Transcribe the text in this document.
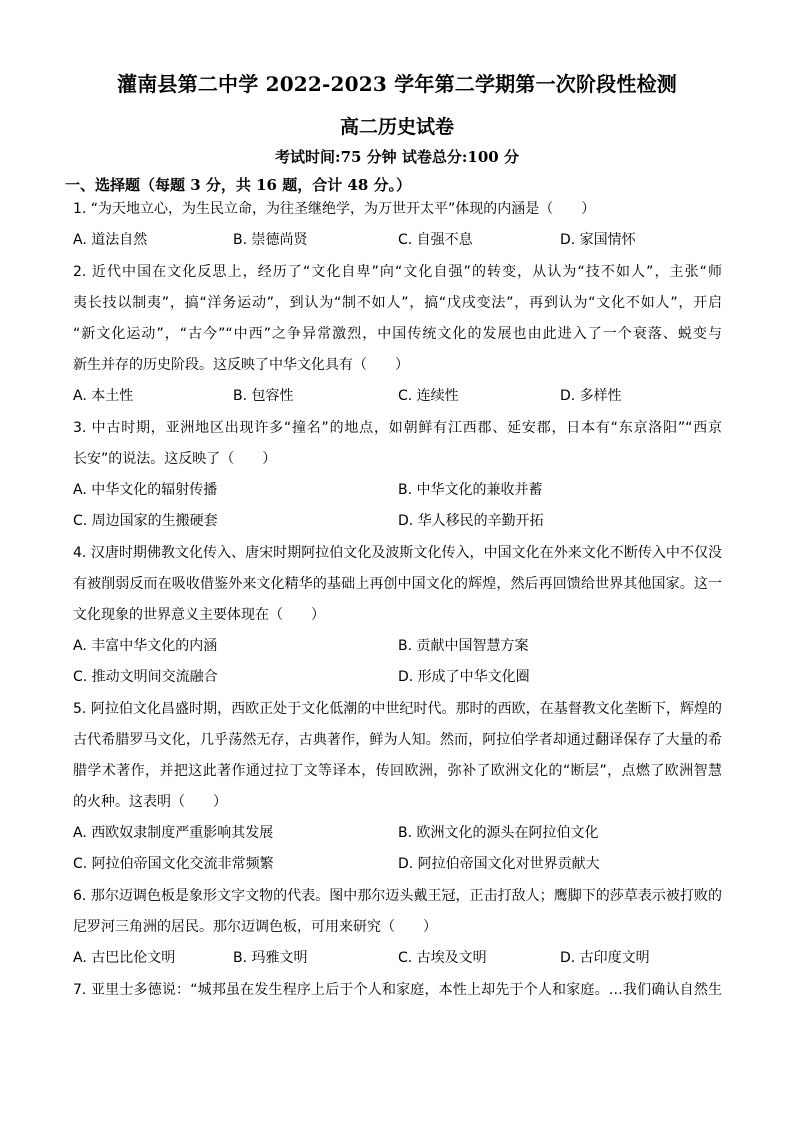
灌南县第二中学 2022-2023 学年第二学期第一次阶段性检测
高二历史试卷
考试时间:75 分钟 试卷总分:100 分
一、选择题（每题 3 分，共 16 题，合计 48 分。）
1. “为天地立心，为生民立命，为往圣继绝学，为万世开太平”体现的内涵是（　　）
A. 道法自然	B. 崇德尚贤	C. 自强不息	D. 家国情怀
2. 近代中国在文化反思上，经历了“文化自卑”向“文化自强”的转变，从认为“技不如人”，主张“师
夷长技以制夷”，搞“洋务运动”，到认为“制不如人”，搞“戊戌变法”，再到认为“文化不如人”，开启
“新文化运动”，“古今”“中西”之争异常激烈，中国传统文化的发展也由此进入了一个衰落、蜕变与
新生并存的历史阶段。这反映了中华文化具有（　　）
A. 本土性	B. 包容性	C. 连续性	D. 多样性
3. 中古时期，亚洲地区出现许多“撞名”的地点，如朝鲜有江西郡、延安郡，日本有“东京洛阳”“西京
长安”的说法。这反映了（　　）
A. 中华文化的辐射传播	B. 中华文化的兼收并蓄
C. 周边国家的生搬硬套	D. 华人移民的辛勤开拓
4. 汉唐时期佛教文化传入、唐宋时期阿拉伯文化及波斯文化传入，中国文化在外来文化不断传入中不仅没
有被削弱反而在吸收借鉴外来文化精华的基础上再创中国文化的辉煌，然后再回馈给世界其他国家。这一
文化现象的世界意义主要体现在（　　）
A. 丰富中华文化的内涵	B. 贡献中国智慧方案
C. 推动文明间交流融合	D. 形成了中华文化圈
5. 阿拉伯文化昌盛时期，西欧正处于文化低潮的中世纪时代。那时的西欧，在基督教文化垄断下，辉煌的
古代希腊罗马文化，几乎荡然无存，古典著作，鲜为人知。然而，阿拉伯学者却通过翻译保存了大量的希
腊学术著作，并把这此著作通过拉丁文等译本，传回欧洲，弥补了欧洲文化的“断层”，点燃了欧洲智慧
的火种。这表明（　　）
A. 西欧奴隶制度严重影响其发展	B. 欧洲文化的源头在阿拉伯文化
C. 阿拉伯帝国文化交流非常频繁	D. 阿拉伯帝国文化对世界贡献大
6. 那尔迈调色板是象形文字文物的代表。图中那尔迈头戴王冠，正击打敌人；鹰脚下的莎草表示被打败的
尼罗河三角洲的居民。那尔迈调色板，可用来研究（　　）
A. 古巴比伦文明	B. 玛雅文明	C. 古埃及文明	D. 古印度文明
7. 亚里士多德说：“城邦虽在发生程序上后于个人和家庭，本性上却先于个人和家庭。…我们确认自然生
